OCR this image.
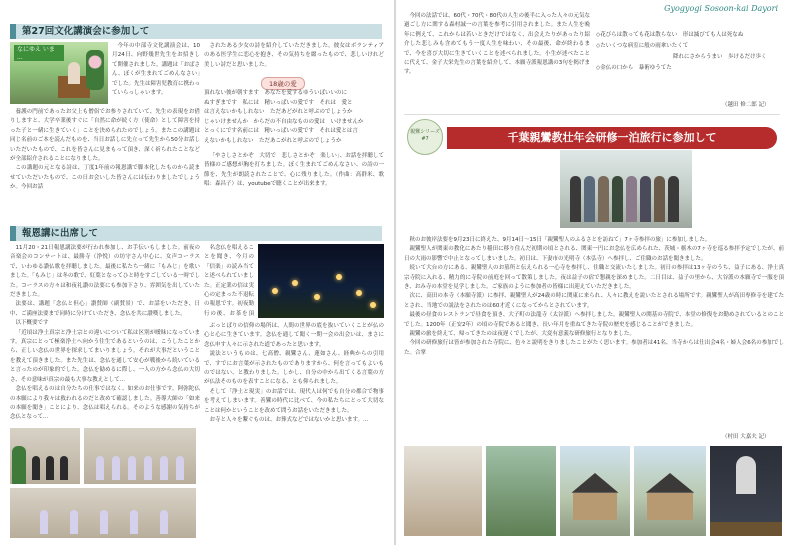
Gyogyogi Sosoon-kai Dayori
第27回文化講演会に参加して
なにゆえ いま ...

今年の中部寺文化講演会は、10月24日、向野幾世先生をお招きして開催されました。講題は「おばさん、ぼくが生まれてごめんなさい」でした。先生は障害児教育に携わっていらっしゃいます。

養護の門前であったお父上も僧侶でお参りされていて、先生の表現をお借りしますと、大学卒業後すぐに「自然に命が続く方（使命）として障害を持った子と一緒に生きていく」ことを決められたのでしょう。またこの講題は同じ名前のご本を読んだものを、当日お話しに先立って先生から50分お話しいただいたもので、これを皆さんに見まもって頂き、深く祈られたことなどが全部紹介されることになりました。

この講題の元となる詩は、丁度1年前の報恩講で脚本化したものから読ませていただいたもので、この日お会いした皆さんには伝わりましたでしょうか。今回お話

されたある少女の詩を紹介していただきました。彼女はボランティアのある医学生に恋心を抱き、その気持ちを綴ったもので、悲しいけれど美しい詩だと思いました。

18歳の愛
頂れない彼が朝すます　あなたを愛するゆういばいいのに
ぬすぎまです　私には　精いっぱいの愛です　それは　愛と
は言えないかもしれない　ただあどがれと呼ぶのでしょうか
じゃいけませんか　からだの不自由なものの愛は　いけませんか
とっくにです名前には　精いっぱいの愛です　それは愛とは言
えないかもしれない　ただあこがれと呼ぶのでしょうか

「やさしさとかぞ　大切で　悲しさとかぞ　楽しい」、お話を拝聴して皆様のご感想が胸を打ちました。ぼく生まれてごめんなさい、の詩の一節を、先生が朗読されたことで、心に残りました。（作曲：高群米、歌唱：森昌子）は、youtubeで聴くことが出来ます。

報恩講に出席して

11月20・21日報恩講法要が行われ参加し、お手伝いもしました。前夜の音楽会のコンサートは、最勝寺（浄悦）の坊守さん中心に、女声コーラスで、いわゆる讃仏歌を拝聴しました。最後に私たち一緒に「もみじ」を歌いました。「もみじ」は冬の歌で、紅葉となってひと時をすごしている一時でした。コーラスの方々は和夜礼讃の法要にも参加下さり、雰囲気を出していただきました。

法要は、講題「念仏と但心」讃賛師（副賛景）で、お話をいただき、日中、ご満座法要まで同時に分けていただき、念仏を共に讃嘆しました。

以下概要です

「近頃は浄土真宗と浄土宗との違いについて私は区別が曖昧になっています。真宗にとって極楽浄土へ向かう往生であるというのは、こうしたことから、正しい念仏の世界を探求してまいりましょう。それが大事だということを教えて頂きました。また先生は、念仏を通して安心が戦後から続いていると言ったのが印象的でした。念仏を勧めるに際し、一人の方から念仏の大切さ、その意味が真宗の最も大事な教えとして...

念仏を唱えるのは自分たちの仕事ではなく、如来のお仕事です。阿弥陀仏の本願により我々は救われるのだと改めて確認しました。善導大師の「如来の本願を聞き」ことにより、念仏は唱えられる。そのような感謝の気持ちが念仏となって...

名念仏を唱えることを聞き、今月の「信楽」の読み当てと述べられていました。正定業の信は実心の定まった不退転の報恩です。初夜勤行の後、お茶を頂

ぶっとばりの信仰の場所は、人間の世界の底を抜いていくことが仏の心と心に生きています。念仏を通して聞く一期一会の出会いは、まさに念仏申す人々に示された道であったと思います。

説法というものは、七高僧、親鸞さん、蓮如さん、経典からの引用で、すでにお言葉が示されたものでありますから、何を言ってもよいものではない、と教わりました。しかし、自分の中から出てくる言葉の方が仏法そのものを表すことになる、とも仰られました。

そして「浄土と現実」のお話では、現代人は何でも自分の都合で物事を考えてしまいます。善鸞の時代に比べて、今の私たちにとって大切なことは何かということを改めて問うお話をいただきました。

お寺と人々を繋ぐものは、お葬式などではないかと思います。...

今回の法話では、60代・70代・80代の人生の後半に入った人々の元気な過ごし方に関する森村誠一の言葉を参考に引用されました。また人生を晩年に例えて、これからは若いときだけではなく、出会えたりがあったり紹介した悲しみも含めてもう一度人生を味わい、その最後、命が終わるまで、今を喜び大切に生きていくことを述べられました。小生が述べたことに代えて、金子大栄先生の言葉を紹介して、本願寺派報恩講の3句を掲げます。

◇花びらは散っても花は散らない　形は滅びても人は死なぬ
◇たいくつな病室に般の雨傘いたくて
　　　　　　　　　　　　　　降れにさからうまい　歩けるだけ歩く
◇金仏の口から　暴術ゆうてた
（越田 修二郎 記）
親鸞シリーズ#7	千葉親鸞教壮年会研修一泊旅行に参加して

秋のお彼岸法要を9月23日に終えた、9月14日〜15日「親鸞聖人のふるさとを訪ねて」7ヶ寺参拝の旅」に参加しました。

親鸞聖人が関東の教化にあたり稲田に移り住んだ初期の頃とされる、関東一円にお念仏を広められた、茨城・栃木の7ヶ寺を巡る参拝予定でしたが、前日の大雨の影響で中止となってしまいました。初日は、下妻市の光明寺（本弘寺）へ参拝し、ご住職のお話を聞きました。

続いて大台の方にある、親鸞聖人のお墓所と伝えられる一心寺を参拝し、住職と交流いたしました。初日の参拝は13ヶ寺のうち、益子にある、浄土真宗寺院に入れる、精力的に寺院の前庭を回って散策しました。夜は益子の宿で懇親を深めました。二日目は、益子の里から、大谷派の本願寺で一服を頂き、おみ寺の本堂を見学しました。ご家族のように参加者の皆様に出迎えていただきました。

次に、高田の本寺（本願寺派）に参拝、親鸞聖人が24歳の時に関東に来られ、人々に教えを説いたとされる場所です。親鸞聖人が高田専修寺を建てたとされ、当地での説法をされたのは60才近くになってからとされています。

最後の昼食のレストランで昼食を頂き、大子町の法龍寺（太谷派）へ参拝しました。親鸞聖人の開基の寺院で、本堂の修復をお勤めされているとのことでした。1200年（正安2年）の頃の寺院であると聞き、長い年月を重ねてきた寺院の歴史を感じることができました。

親鸞の旅を終えて、帰ってきたのは夜遅くでしたが、大変有意義な研修旅行となりました。

今回の研修旅行は皆が参加された寺院に、色々と説明をきりましたことがたく思います。参加者は41名、当寺からは仕出会4名・婦人会6名の参加でした。合掌

（村田 大嘉夫 記）
